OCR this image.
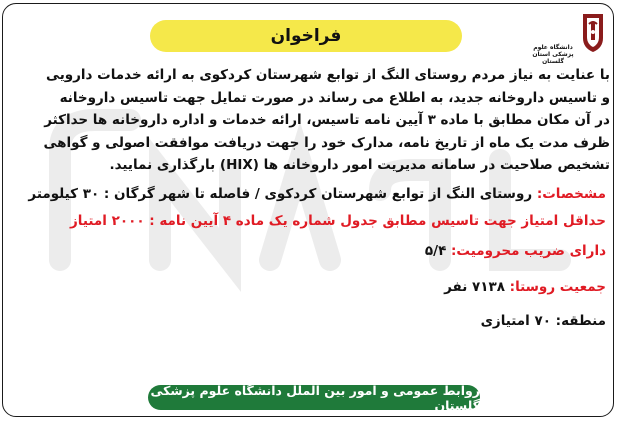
دانشگاه علوم پزشکی استان گلستان
فراخوان
با عنایت به نیاز مردم روستای النگ از توابع شهرستان کردکوی به ارائه خدمات دارویی
و تاسیس داروخانه جدید، به اطلاع می رساند در صورت تمایل جهت تاسیس داروخانه
در آن مکان مطابق با ماده ۳ آیین نامه تاسیس، ارائه خدمات و اداره داروخانه ها حداکثر
ظرف مدت یک ماه از تاریخ نامه، مدارک خود را جهت دریافت موافقت اصولی و گواهی
تشخیص صلاحیت در سامانه مدیریت امور داروخانه ها (HIX) بارگذاری نمایید.
مشخصات: روستای النگ از توابع شهرستان کردکوی / فاصله تا شهر گرگان : ۳۰ کیلومتر
حداقل امتیاز جهت تاسیس مطابق جدول شماره یک ماده ۴ آیین نامه : ۲۰۰۰ امتیاز
دارای ضریب محرومیت: ۵/۴
جمعیت روستا: ۷۱۳۸ نفر
منطقه: ۷۰ امتیازی
روابط عمومی و امور بین الملل دانشگاه علوم پزشکی گلستان
